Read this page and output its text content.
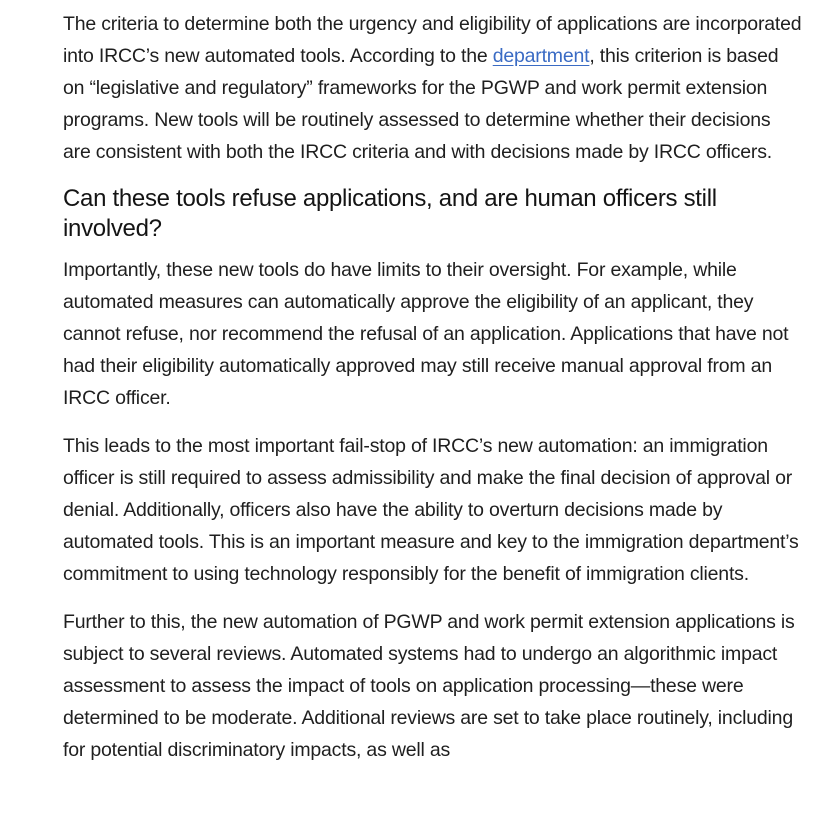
The criteria to determine both the urgency and eligibility of applications are incorporated into IRCC’s new automated tools. According to the department, this criterion is based on “legislative and regulatory” frameworks for the PGWP and work permit extension programs. New tools will be routinely assessed to determine whether their decisions are consistent with both the IRCC criteria and with decisions made by IRCC officers.

Can these tools refuse applications, and are human officers still involved?

Importantly, these new tools do have limits to their oversight. For example, while automated measures can automatically approve the eligibility of an applicant, they cannot refuse, nor recommend the refusal of an application. Applications that have not had their eligibility automatically approved may still receive manual approval from an IRCC officer.

This leads to the most important fail-stop of IRCC’s new automation: an immigration officer is still required to assess admissibility and make the final decision of approval or denial. Additionally, officers also have the ability to overturn decisions made by automated tools. This is an important measure and key to the immigration department’s commitment to using technology responsibly for the benefit of immigration clients.

Further to this, the new automation of PGWP and work permit extension applications is subject to several reviews. Automated systems had to undergo an algorithmic impact assessment to assess the impact of tools on application processing—these were determined to be moderate. Additional reviews are set to take place routinely, including for potential discriminatory impacts, as well as
